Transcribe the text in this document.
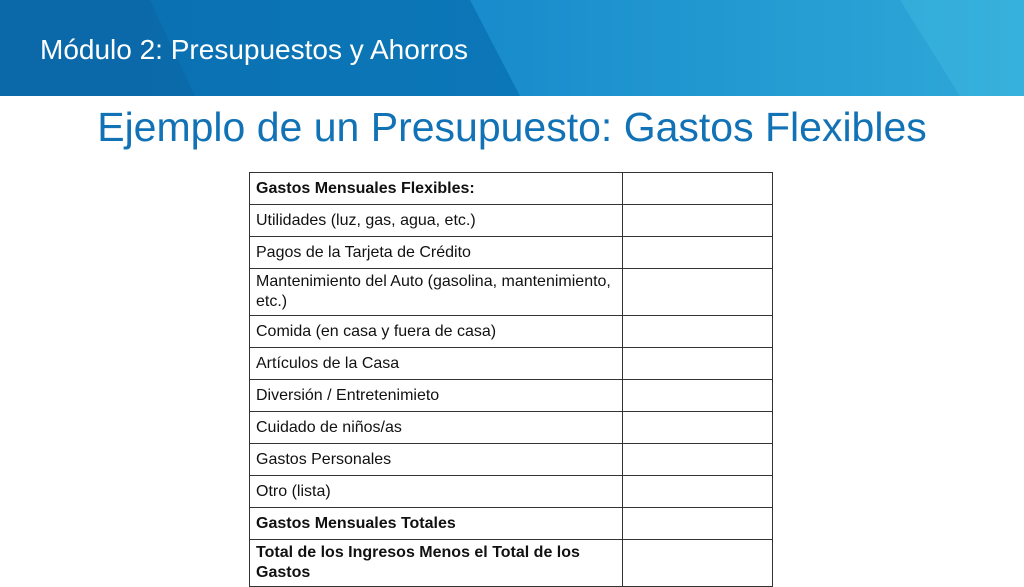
Módulo 2: Presupuestos y Ahorros
Ejemplo de un Presupuesto: Gastos Flexibles
Gastos Mensuales Flexibles:	
Utilidades (luz, gas, agua, etc.)	
Pagos de la Tarjeta de Crédito	
Mantenimiento del Auto (gasolina, mantenimiento, etc.)	
Comida (en casa y fuera de casa)	
Artículos de la Casa	
Diversión / Entretenimieto	
Cuidado de niños/as	
Gastos Personales	
Otro (lista)	
Gastos Mensuales Totales	
Total de los Ingresos Menos el Total de los Gastos	
